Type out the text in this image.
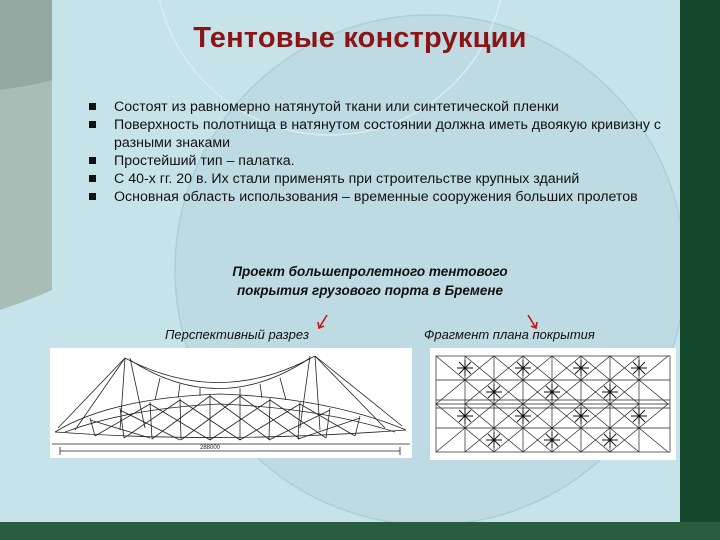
Тентовые конструкции
Состоят из равномерно натянутой ткани или синтетической пленки
Поверхность полотнища в натянутом состоянии должна иметь двоякую кривизну с разными знаками
Простейший тип – палатка.
С 40-х гг. 20 в. Их стали применять при строительстве крупных зданий
Основная область использования – временные сооружения больших пролетов
Проект большепролетного тентового
покрытия грузового порта в Бремене
Перспективный разрез	Фрагмент плана покрытия
288000
